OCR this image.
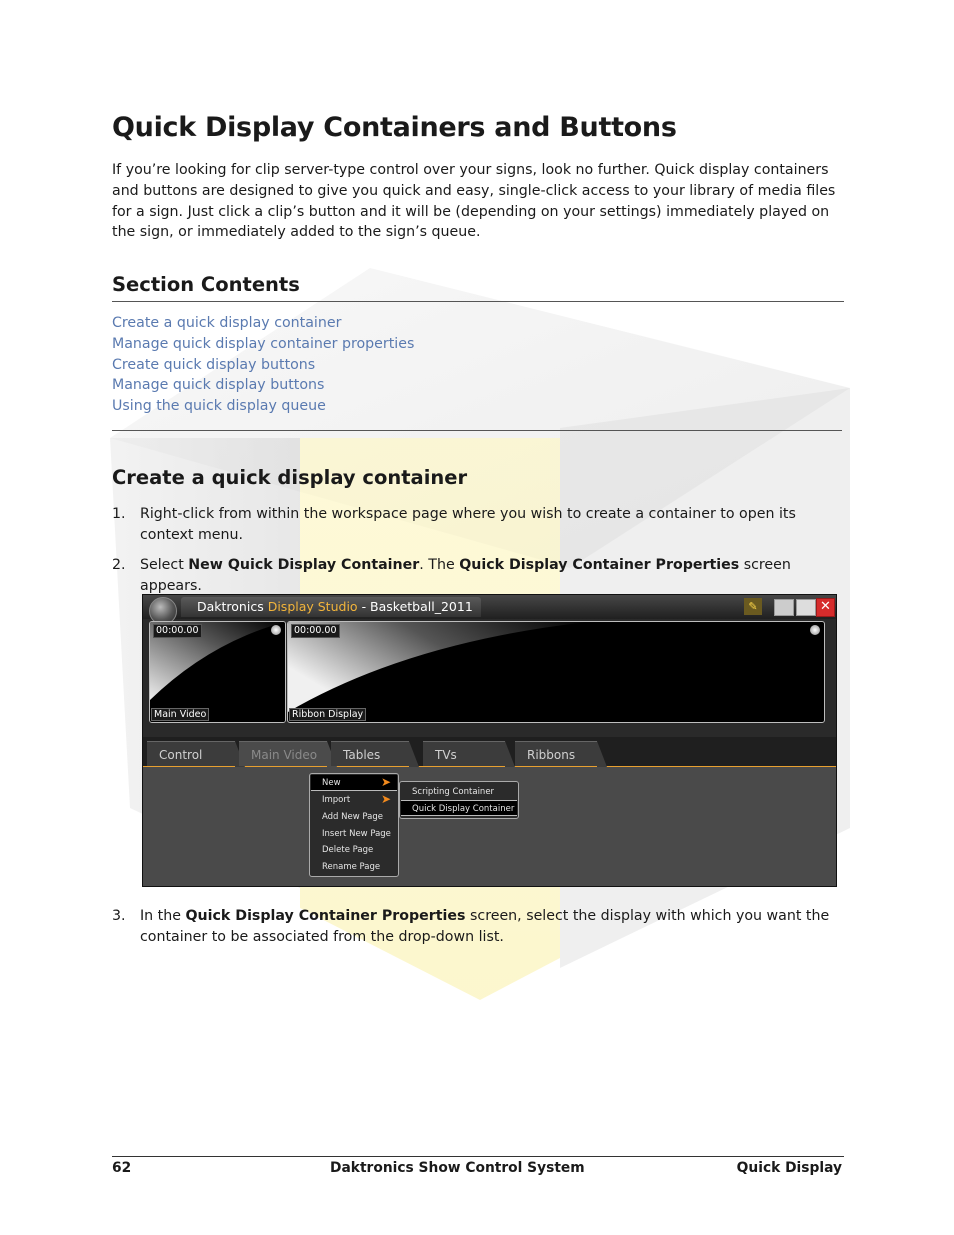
Quick Display Containers and Buttons

If you’re looking for clip server-type control over your signs, look no further. Quick display containers and buttons are designed to give you quick and easy, single-click access to your library of media files for a sign. Just click a clip’s button and it will be (depending on your settings) immediately played on the sign, or immediately added to the sign’s queue.

Section Contents
Create a quick display container
Manage quick display container properties
Create quick display buttons
Manage quick display buttons
Using the quick display queue
Create a quick display container
1. Right-click from within the workspace page where you wish to create a container to open its context menu.
2. Select New Quick Display Container. The Quick Display Container Properties screen appears.
Daktronics Display Studio - Basketball_2011	✎	✕
00:00.00
Main Video
00:00.00
Ribbon Display
Control	Main Video	Tables	TVs	Ribbons
New	➤
Import	➤
Add New Page
Insert New Page
Delete Page
Rename Page
Scripting Container
Quick Display Container
3. In the Quick Display Container Properties screen, select the display with which you want the container to be associated from the drop-down list.
62	Daktronics Show Control System	Quick Display
